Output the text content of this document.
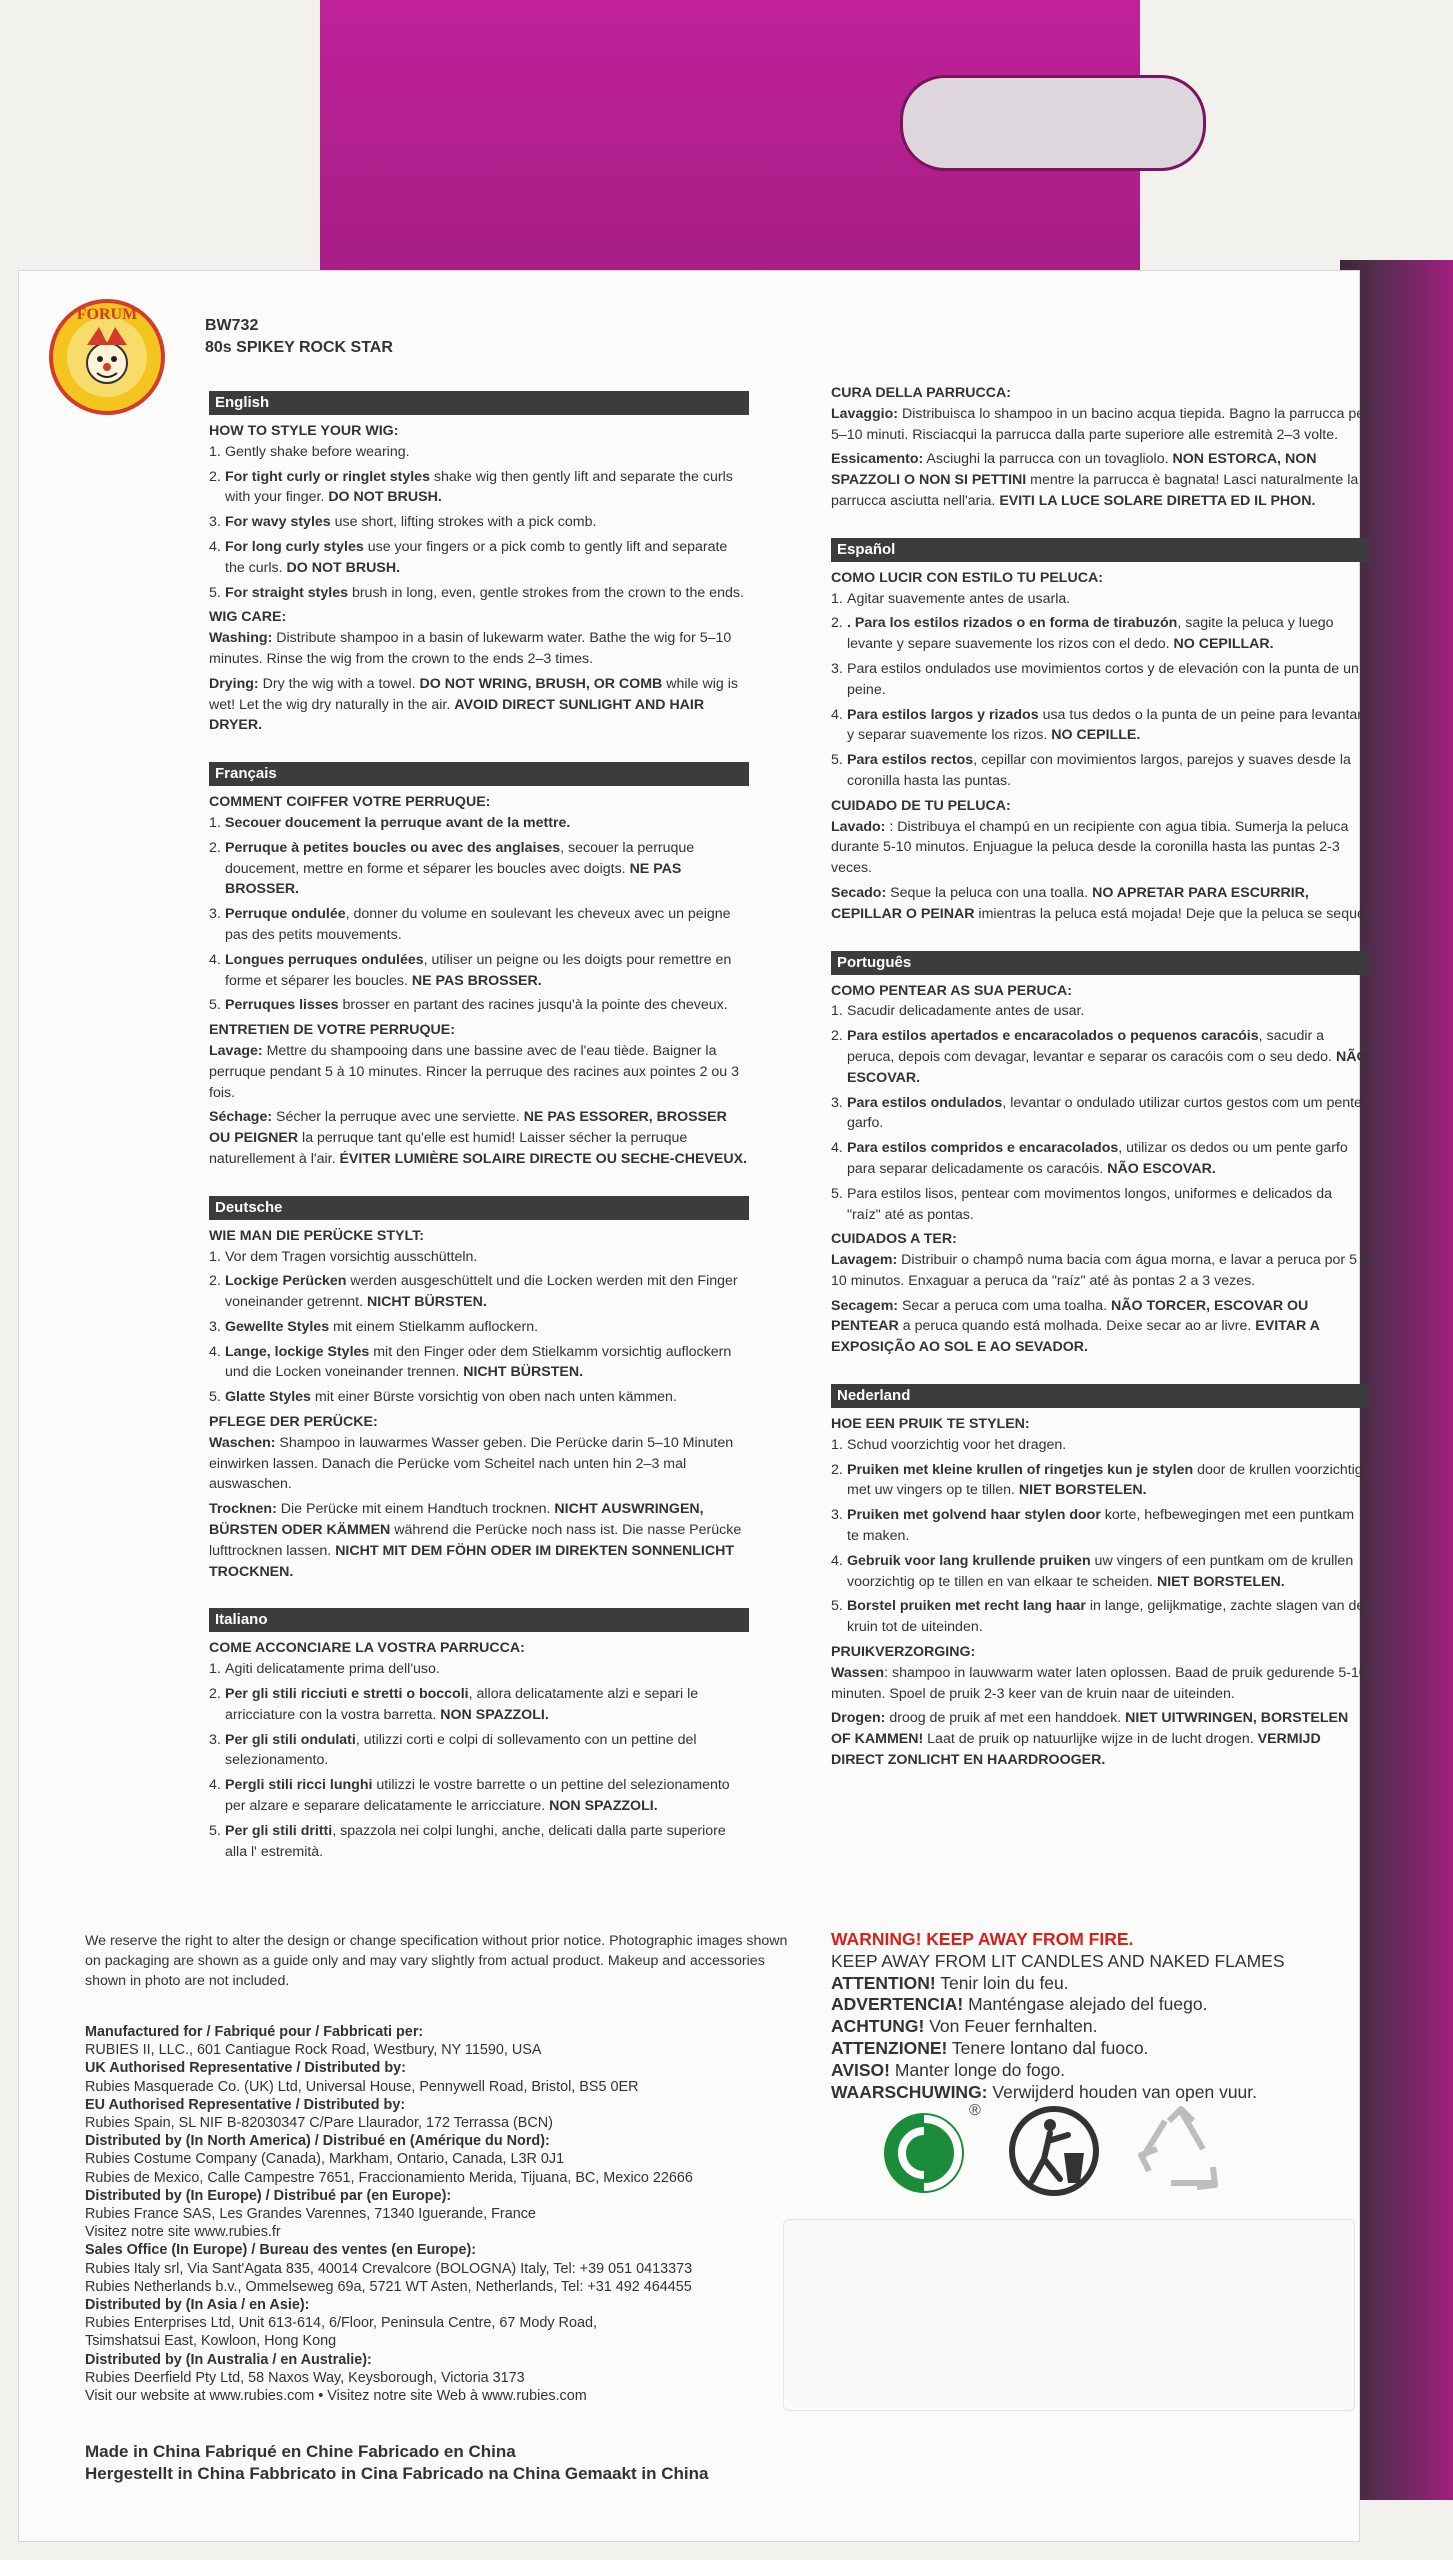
FORUM
BW732
80s SPIKEY ROCK STAR
English
HOW TO STYLE YOUR WIG:
1. Gently shake before wearing.
2. For tight curly or ringlet styles shake wig then gently lift and separate the curls with your finger. DO NOT BRUSH.
3. For wavy styles use short, lifting strokes with a pick comb.
4. For long curly styles use your fingers or a pick comb to gently lift and separate the curls. DO NOT BRUSH.
5. For straight styles brush in long, even, gentle strokes from the crown to the ends.
WIG CARE:
Washing: Distribute shampoo in a basin of lukewarm water. Bathe the wig for 5–10 minutes. Rinse the wig from the crown to the ends 2–3 times.
Drying: Dry the wig with a towel. DO NOT WRING, BRUSH, OR COMB while wig is wet! Let the wig dry naturally in the air. AVOID DIRECT SUNLIGHT AND HAIR DRYER.
Français
COMMENT COIFFER VOTRE PERRUQUE:
1. Secouer doucement la perruque avant de la mettre.
2. Perruque à petites boucles ou avec des anglaises, secouer la perruque doucement, mettre en forme et séparer les boucles avec doigts. NE PAS BROSSER.
3. Perruque ondulée, donner du volume en soulevant les cheveux avec un peigne pas des petits mouvements.
4. Longues perruques ondulées, utiliser un peigne ou les doigts pour remettre en forme et séparer les boucles. NE PAS BROSSER.
5. Perruques lisses brosser en partant des racines jusqu'à la pointe des cheveux.
ENTRETIEN DE VOTRE PERRUQUE:
Lavage: Mettre du shampooing dans une bassine avec de l'eau tiède. Baigner la perruque pendant 5 à 10 minutes. Rincer la perruque des racines aux pointes 2 ou 3 fois.
Séchage: Sécher la perruque avec une serviette. NE PAS ESSORER, BROSSER OU PEIGNER la perruque tant qu'elle est humid! Laisser sécher la perruque naturellement à l'air. ÉVITER LUMIÈRE SOLAIRE DIRECTE OU SECHE-CHEVEUX.
Deutsche
WIE MAN DIE PERÜCKE STYLT:
1. Vor dem Tragen vorsichtig ausschütteln.
2. Lockige Perücken werden ausgeschüttelt und die Locken werden mit den Finger voneinander getrennt. NICHT BÜRSTEN.
3. Gewellte Styles mit einem Stielkamm auflockern.
4. Lange, lockige Styles mit den Finger oder dem Stielkamm vorsichtig auflockern und die Locken voneinander trennen. NICHT BÜRSTEN.
5. Glatte Styles mit einer Bürste vorsichtig von oben nach unten kämmen.
PFLEGE DER PERÜCKE:
Waschen: Shampoo in lauwarmes Wasser geben. Die Perücke darin 5–10 Minuten einwirken lassen. Danach die Perücke vom Scheitel nach unten hin 2–3 mal auswaschen.
Trocknen: Die Perücke mit einem Handtuch trocknen. NICHT AUSWRINGEN, BÜRSTEN ODER KÄMMEN während die Perücke noch nass ist. Die nasse Perücke lufttrocknen lassen. NICHT MIT DEM FÖHN ODER IM DIREKTEN SONNENLICHT TROCKNEN.
Italiano
COME ACCONCIARE LA VOSTRA PARRUCCA:
1. Agiti delicatamente prima dell'uso.
2. Per gli stili ricciuti e stretti o boccoli, allora delicatamente alzi e separi le arricciature con la vostra barretta. NON SPAZZOLI.
3. Per gli stili ondulati, utilizzi corti e colpi di sollevamento con un pettine del selezionamento.
4. Pergli stili ricci lunghi utilizzi le vostre barrette o un pettine del selezionamento per alzare e separare delicatamente le arricciature. NON SPAZZOLI.
5. Per gli stili dritti, spazzola nei colpi lunghi, anche, delicati dalla parte superiore alla l' estremità.
CURA DELLA PARRUCCA:
Lavaggio: Distribuisca lo shampoo in un bacino acqua tiepida. Bagno la parrucca per 5–10 minuti. Risciacqui la parrucca dalla parte superiore alle estremità 2–3 volte.
Essicamento: Asciughi la parrucca con un tovagliolo. NON ESTORCA, NON SPAZZOLI O NON SI PETTINI mentre la parrucca è bagnata! Lasci naturalmente la parrucca asciutta nell'aria. EVITI LA LUCE SOLARE DIRETTA ED IL PHON.
Español
COMO LUCIR CON ESTILO TU PELUCA:
1. Agitar suavemente antes de usarla.
2. . Para los estilos rizados o en forma de tirabuzón, sagite la peluca y luego levante y separe suavemente los rizos con el dedo. NO CEPILLAR.
3. Para estilos ondulados use movimientos cortos y de elevación con la punta de un peine.
4. Para estilos largos y rizados usa tus dedos o la punta de un peine para levantar y separar suavemente los rizos. NO CEPILLE.
5. Para estilos rectos, cepillar con movimientos largos, parejos y suaves desde la coronilla hasta las puntas.
CUIDADO DE TU PELUCA:
Lavado: : Distribuya el champú en un recipiente con agua tibia. Sumerja la peluca durante 5-10 minutos. Enjuague la peluca desde la coronilla hasta las puntas 2-3 veces.
Secado: Seque la peluca con una toalla. NO APRETAR PARA ESCURRIR, CEPILLAR O PEINAR imientras la peluca está mojada! Deje que la peluca se seque.
Português
COMO PENTEAR AS SUA PERUCA:
1. Sacudir delicadamente antes de usar.
2. Para estilos apertados e encaracolados o pequenos caracóis, sacudir a peruca, depois com devagar, levantar e separar os caracóis com o seu dedo. NÃO ESCOVAR.
3. Para estilos ondulados, levantar o ondulado utilizar curtos gestos com um pente garfo.
4. Para estilos compridos e encaracolados, utilizar os dedos ou um pente garfo para separar delicadamente os caracóis. NÃO ESCOVAR.
5. Para estilos lisos, pentear com movimentos longos, uniformes e delicados da "raíz" até as pontas.
CUIDADOS A TER:
Lavagem: Distribuir o champô numa bacia com água morna, e lavar a peruca por 5 a 10 minutos. Enxaguar a peruca da "raíz" até às pontas 2 a 3 vezes.
Secagem: Secar a peruca com uma toalha. NÃO TORCER, ESCOVAR OU PENTEAR a peruca quando está molhada. Deixe secar ao ar livre. EVITAR A EXPOSIÇÃO AO SOL E AO SEVADOR.
Nederland
HOE EEN PRUIK TE STYLEN:
1. Schud voorzichtig voor het dragen.
2. Pruiken met kleine krullen of ringetjes kun je stylen door de krullen voorzichtig met uw vingers op te tillen. NIET BORSTELEN.
3. Pruiken met golvend haar stylen door korte, hefbewegingen met een puntkam te maken.
4. Gebruik voor lang krullende pruiken uw vingers of een puntkam om de krullen voorzichtig op te tillen en van elkaar te scheiden. NIET BORSTELEN.
5. Borstel pruiken met recht lang haar in lange, gelijkmatige, zachte slagen van de kruin tot de uiteinden.
PRUIKVERZORGING:
Wassen: shampoo in lauwwarm water laten oplossen. Baad de pruik gedurende 5-10 minuten. Spoel de pruik 2-3 keer van de kruin naar de uiteinden.
Drogen: droog de pruik af met een handdoek. NIET UITWRINGEN, BORSTELEN OF KAMMEN! Laat de pruik op natuurlijke wijze in de lucht drogen. VERMIJD DIRECT ZONLICHT EN HAARDROOGER.
We reserve the right to alter the design or change specification without prior notice. Photographic images shown on packaging are shown as a guide only and may vary slightly from actual product. Makeup and accessories shown in photo are not included.
Manufactured for / Fabriqué pour / Fabbricati per:
RUBIES II, LLC., 601 Cantiague Rock Road, Westbury, NY 11590, USA
UK Authorised Representative / Distributed by:
Rubies Masquerade Co. (UK) Ltd, Universal House, Pennywell Road, Bristol, BS5 0ER
EU Authorised Representative / Distributed by:
Rubies Spain, SL NIF B-82030347 C/Pare Llaurador, 172 Terrassa (BCN)
Distributed by (In North America) / Distribué en (Amérique du Nord):
Rubies Costume Company (Canada), Markham, Ontario, Canada, L3R 0J1
Rubies de Mexico, Calle Campestre 7651, Fraccionamiento Merida, Tijuana, BC, Mexico 22666
Distributed by (In Europe) / Distribué par (en Europe):
Rubies France SAS, Les Grandes Varennes, 71340 Iguerande, France
Visitez notre site www.rubies.fr
Sales Office (In Europe) / Bureau des ventes (en Europe):
Rubies Italy srl, Via Sant'Agata 835, 40014 Crevalcore (BOLOGNA) Italy, Tel: +39 051 0413373
Rubies Netherlands b.v., Ommelseweg 69a, 5721 WT Asten, Netherlands, Tel: +31 492 464455
Distributed by (In Asia / en Asie):
Rubies Enterprises Ltd, Unit 613-614, 6/Floor, Peninsula Centre, 67 Mody Road,
Tsimshatsui East, Kowloon, Hong Kong
Distributed by (In Australia / en Australie):
Rubies Deerfield Pty Ltd, 58 Naxos Way, Keysborough, Victoria 3173
Visit our website at www.rubies.com • Visitez notre site Web à www.rubies.com
Made in China Fabriqué en Chine Fabricado en China
Hergestellt in China Fabbricato in Cina Fabricado na China Gemaakt in China
WARNING! KEEP AWAY FROM FIRE.
KEEP AWAY FROM LIT CANDLES AND NAKED FLAMES
ATTENTION! Tenir loin du feu.
ADVERTENCIA! Manténgase alejado del fuego.
ACHTUNG! Von Feuer fernhalten.
ATTENZIONE! Tenere lontano dal fuoco.
AVISO! Manter longe do fogo.
WAARSCHUWING: Verwijderd houden van open vuur.
®
